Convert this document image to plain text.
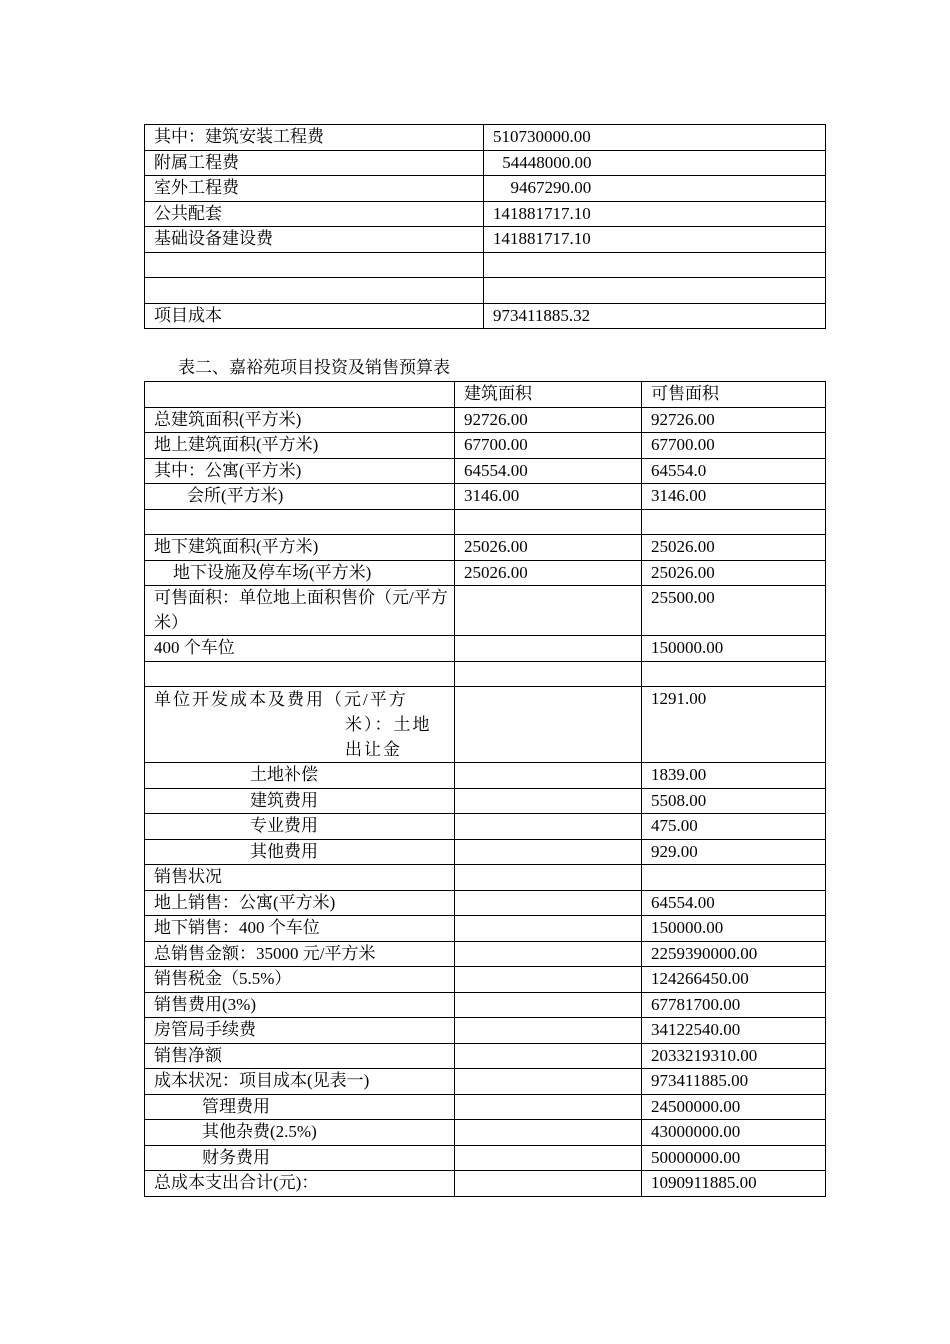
其中：建筑安装工程费	510730000.00
附属工程费	54448000.00
室外工程费	9467290.00
公共配套	141881717.10
基础设备建设费	141881717.10

项目成本	973411885.32
表二、嘉裕苑项目投资及销售预算表
	建筑面积	可售面积
总建筑面积(平方米)	92726.00	92726.00
地上建筑面积(平方米)	67700.00	67700.00
其中：公寓(平方米)	64554.00	64554.0
会所(平方米)	3146.00	3146.00

地下建筑面积(平方米)	25026.00	25026.00
地下设施及停车场(平方米)	25026.00	25026.00
可售面积：单位地上面积售价（元/平方米）		25500.00
400 个车位		150000.00

单位开发成本及费用（元/平方

米）：土地
出让金		1291.00
土地补偿		1839.00
建筑费用		5508.00
专业费用		475.00
其他费用		929.00
销售状况		
地上销售：公寓(平方米)		64554.00
地下销售：400 个车位		150000.00
总销售金额：35000 元/平方米		2259390000.00
销售税金（5.5%）		124266450.00
销售费用(3%)		67781700.00
房管局手续费		34122540.00
销售净额		2033219310.00
成本状况：项目成本(见表一)		973411885.00
管理费用		24500000.00
其他杂费(2.5%)		43000000.00
财务费用		50000000.00
总成本支出合计(元)：		1090911885.00
